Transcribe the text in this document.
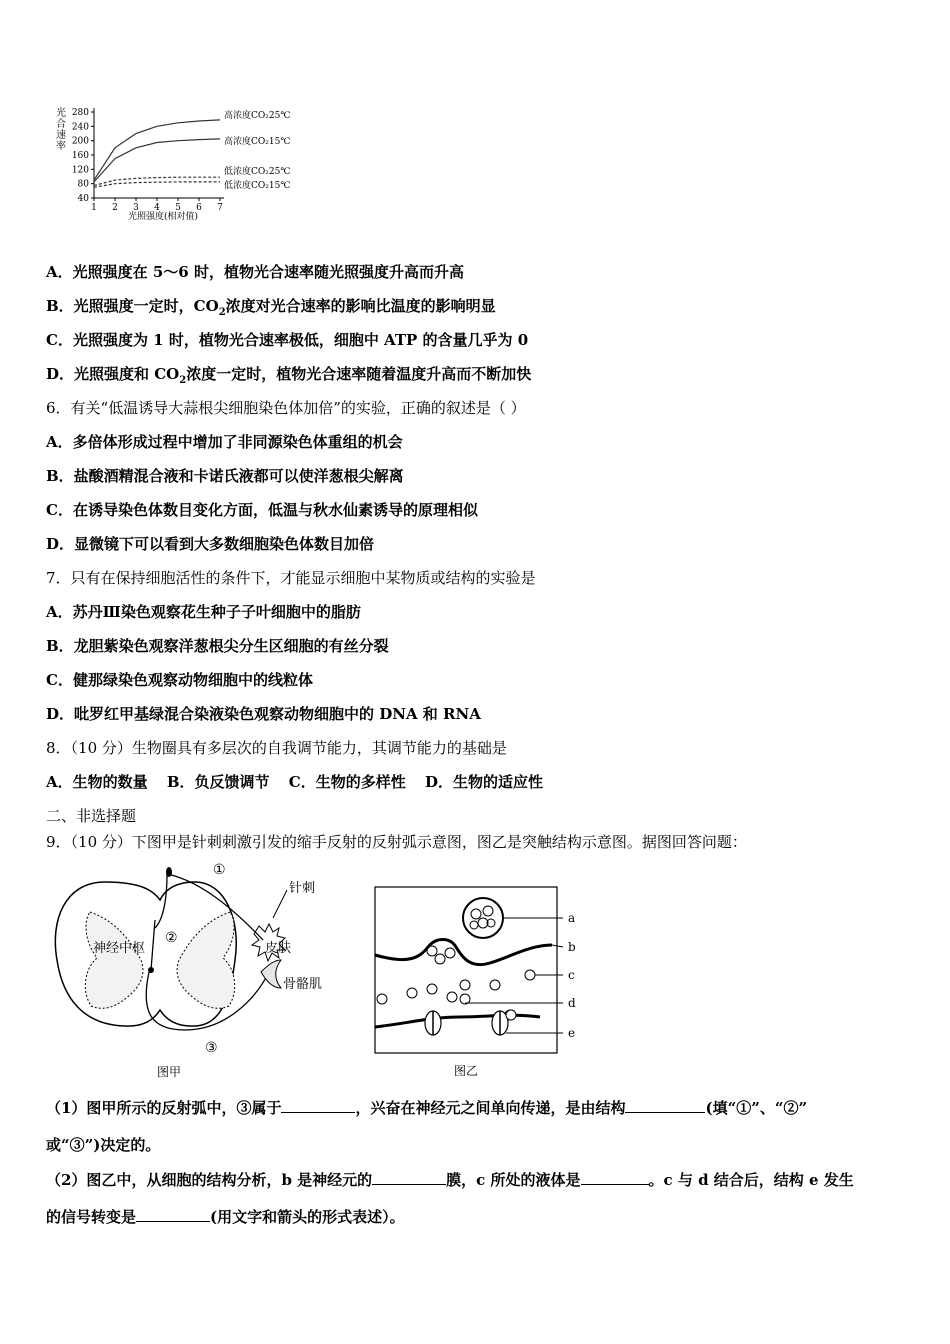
光
合
速
率
280
240
200
160
120
80
40
1 2 3 4 5 6 7
高浓度CO₂25℃
高浓度CO₂15℃
低浓度CO₂25℃
低浓度CO₂15℃
光照强度(相对值)
A．光照强度在 5～6 时，植物光合速率随光照强度升高而升高
B．光照强度一定时，$CO_2$浓度对光合速率的影响比温度的影响明显
C．光照强度为 1 时，植物光合速率极低，细胞中 ATP 的含量几乎为 0
D．光照强度和 $CO_2$浓度一定时，植物光合速率随着温度升高而不断加快
6．有关“低温诱导大蒜根尖细胞染色体加倍”的实验，正确的叙述是（ ）
A．多倍体形成过程中增加了非同源染色体重组的机会
B．盐酸酒精混合液和卡诺氏液都可以使洋葱根尖解离
C．在诱导染色体数目变化方面，低温与秋水仙素诱导的原理相似
D．显微镜下可以看到大多数细胞染色体数目加倍
7．只有在保持细胞活性的条件下，才能显示细胞中某物质或结构的实验是
A．苏丹Ⅲ染色观察花生种子子叶细胞中的脂肪
B．龙胆紫染色观察洋葱根尖分生区细胞的有丝分裂
C．健那绿染色观察动物细胞中的线粒体
D．吡罗红甲基绿混合染液染色观察动物细胞中的 DNA 和 RNA
8．（10 分）生物圈具有多层次的自我调节能力，其调节能力的基础是
A．生物的数量 B．负反馈调节 C．生物的多样性 D．生物的适应性
二、非选择题
9．（10 分）下图甲是针刺刺激引发的缩手反射的反射弧示意图，图乙是突触结构示意图。据图回答问题：
神经中枢
①
②
针刺
皮肤
骨骼肌
③
图甲
a
b
c
d
e
图乙
（1）图甲所示的反射弧中，③属于	，兴奋在神经元之间单向传递，是由结构	(填“①”、“②”
或“③”)决定的。
（2）图乙中，从细胞的结构分析，b 是神经元的	膜，c 所处的液体是	。c 与 d 结合后，结构 e 发生
的信号转变是	(用文字和箭头的形式表述）。
